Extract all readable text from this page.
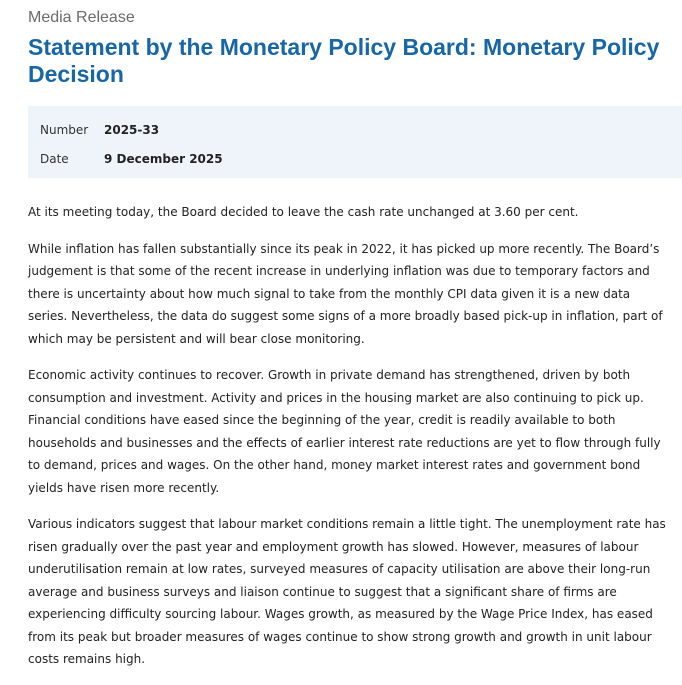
Media Release
Statement by the Monetary Policy Board: Monetary Policy Decision
Number	2025-33
Date	9 December 2025

At its meeting today, the Board decided to leave the cash rate unchanged at 3.60 per cent.

While inflation has fallen substantially since its peak in 2022, it has picked up more recently. The Board’s judgement is that some of the recent increase in underlying inflation was due to temporary factors and there is uncertainty about how much signal to take from the monthly CPI data given it is a new data series. Nevertheless, the data do suggest some signs of a more broadly based pick-up in inflation, part of which may be persistent and will bear close monitoring.

Economic activity continues to recover. Growth in private demand has strengthened, driven by both consumption and investment. Activity and prices in the housing market are also continuing to pick up. Financial conditions have eased since the beginning of the year, credit is readily available to both households and businesses and the effects of earlier interest rate reductions are yet to flow through fully to demand, prices and wages. On the other hand, money market interest rates and government bond yields have risen more recently.

Various indicators suggest that labour market conditions remain a little tight. The unemployment rate has risen gradually over the past year and employment growth has slowed. However, measures of labour underutilisation remain at low rates, surveyed measures of capacity utilisation are above their long-run average and business surveys and liaison continue to suggest that a significant share of firms are experiencing difficulty sourcing labour. Wages growth, as measured by the Wage Price Index, has eased from its peak but broader measures of wages continue to show strong growth and growth in unit labour costs remains high.
